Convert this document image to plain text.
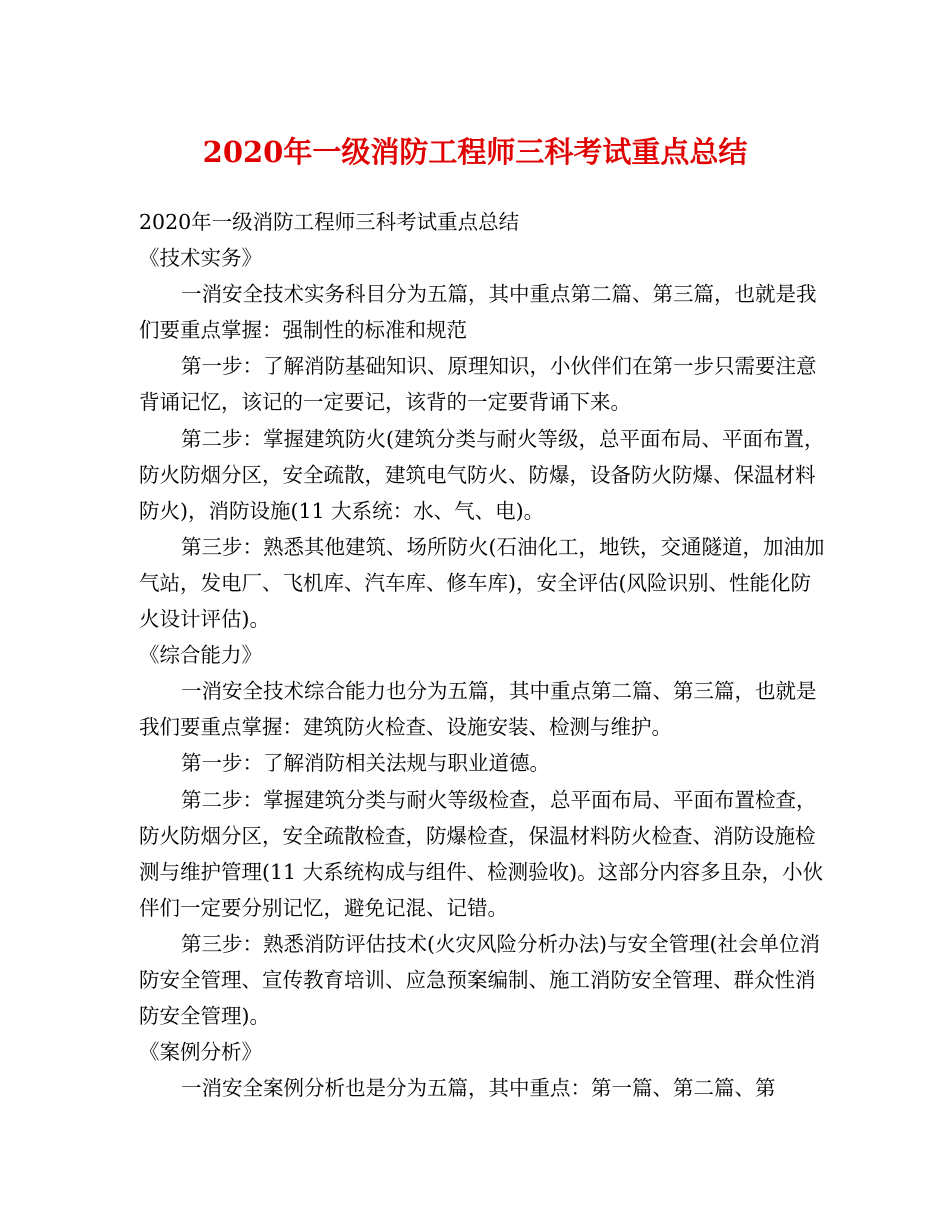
2020年一级消防工程师三科考试重点总结

2020年一级消防工程师三科考试重点总结

《技术实务》

一消安全技术实务科目分为五篇，其中重点第二篇、第三篇，也就是我们要重点掌握：强制性的标准和规范

第一步：了解消防基础知识、原理知识，小伙伴们在第一步只需要注意背诵记忆，该记的一定要记，该背的一定要背诵下来。

第二步：掌握建筑防火(建筑分类与耐火等级，总平面布局、平面布置，防火防烟分区，安全疏散，建筑电气防火、防爆，设备防火防爆、保温材料防火)，消防设施(11 大系统：水、气、电)。

第三步：熟悉其他建筑、场所防火(石油化工，地铁，交通隧道，加油加气站，发电厂、飞机库、汽车库、修车库)，安全评估(风险识别、性能化防火设计评估)。

《综合能力》

一消安全技术综合能力也分为五篇，其中重点第二篇、第三篇，也就是我们要重点掌握：建筑防火检查、设施安装、检测与维护。

第一步：了解消防相关法规与职业道德。

第二步：掌握建筑分类与耐火等级检查，总平面布局、平面布置检查，防火防烟分区，安全疏散检查，防爆检查，保温材料防火检查、消防设施检测与维护管理(11 大系统构成与组件、检测验收)。这部分内容多且杂，小伙伴们一定要分别记忆，避免记混、记错。

第三步：熟悉消防评估技术(火灾风险分析办法)与安全管理(社会单位消防安全管理、宣传教育培训、应急预案编制、施工消防安全管理、群众性消防安全管理)。

《案例分析》

一消安全案例分析也是分为五篇，其中重点：第一篇、第二篇、第
